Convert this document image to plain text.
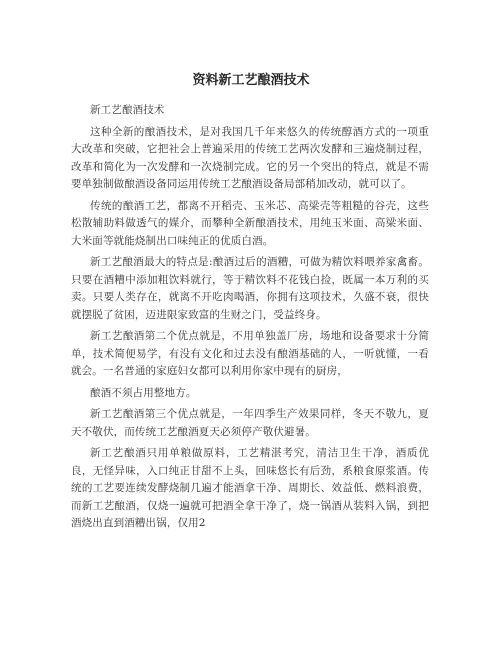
资料新工艺酿酒技术

新工艺酿酒技术

这种全新的酿酒技术，是对我国几千年来悠久的传统醇酒方式的一项重大改革和突破，它把社会上普遍采用的传统工艺两次发酵和三遍烧制过程，改革和简化为一次发酵和一次烧制完成。它的另一个突出的特点，就是不需要单独制做酿酒设备同运用传统工艺酿酒设备局部稍加改动，就可以了。

传统的酿酒工艺，都离不开稻壳、玉米芯、高梁壳等粗糙的谷壳，这些松散辅助料做透气的媒介，而攀种全新酿酒技术，用纯玉米面、高梁米面、大米面等就能烧制出口味纯正的优质白酒。

新工艺酿酒最大的特点是:酿酒过后的酒糟，可做为精饮料喂养家禽畜。只要在酒糟中添加粗饮料就行，等于精饮料不花钱白捡，既属一本万利的买卖。只要人类存在，就离不开吃肉喝酒，你拥有这项技术，久盛不衰，很快就摆脱了贫困，迈进限家致富的生财之门，受益终身。

新工艺酿酒第二个优点就是，不用单独盖厂房，场地和设备要求十分简单，技术简便易学，有没有文化和过去没有酿酒基础的人，一听就懂，一看就会。一名普通的家庭妇女都可以利用你家中现有的厨房，

酿酒不须占用整地方。

新工艺酿酒第三个优点就是，一年四季生产效果同样，冬天不敬九，夏天不敬伏，而传统工艺酿酒夏天必须停产敬伏避暑。

新工艺酿酒只用单粮做原料，工艺精湛考究，清洁卫生干净，酒质优良，无怪异味，入口纯正甘甜不上头，回味悠长有后劲，系粮食原浆酒。传统的工艺要连续发酵烧制几遍才能酒拿干净、周期长、效益低、燃料浪费，而新工艺酿酒，仅烧一遍就可把酒全拿干净了，烧一锅酒从装料入锅，到把酒烧出直到酒糟出锅，仅用2
